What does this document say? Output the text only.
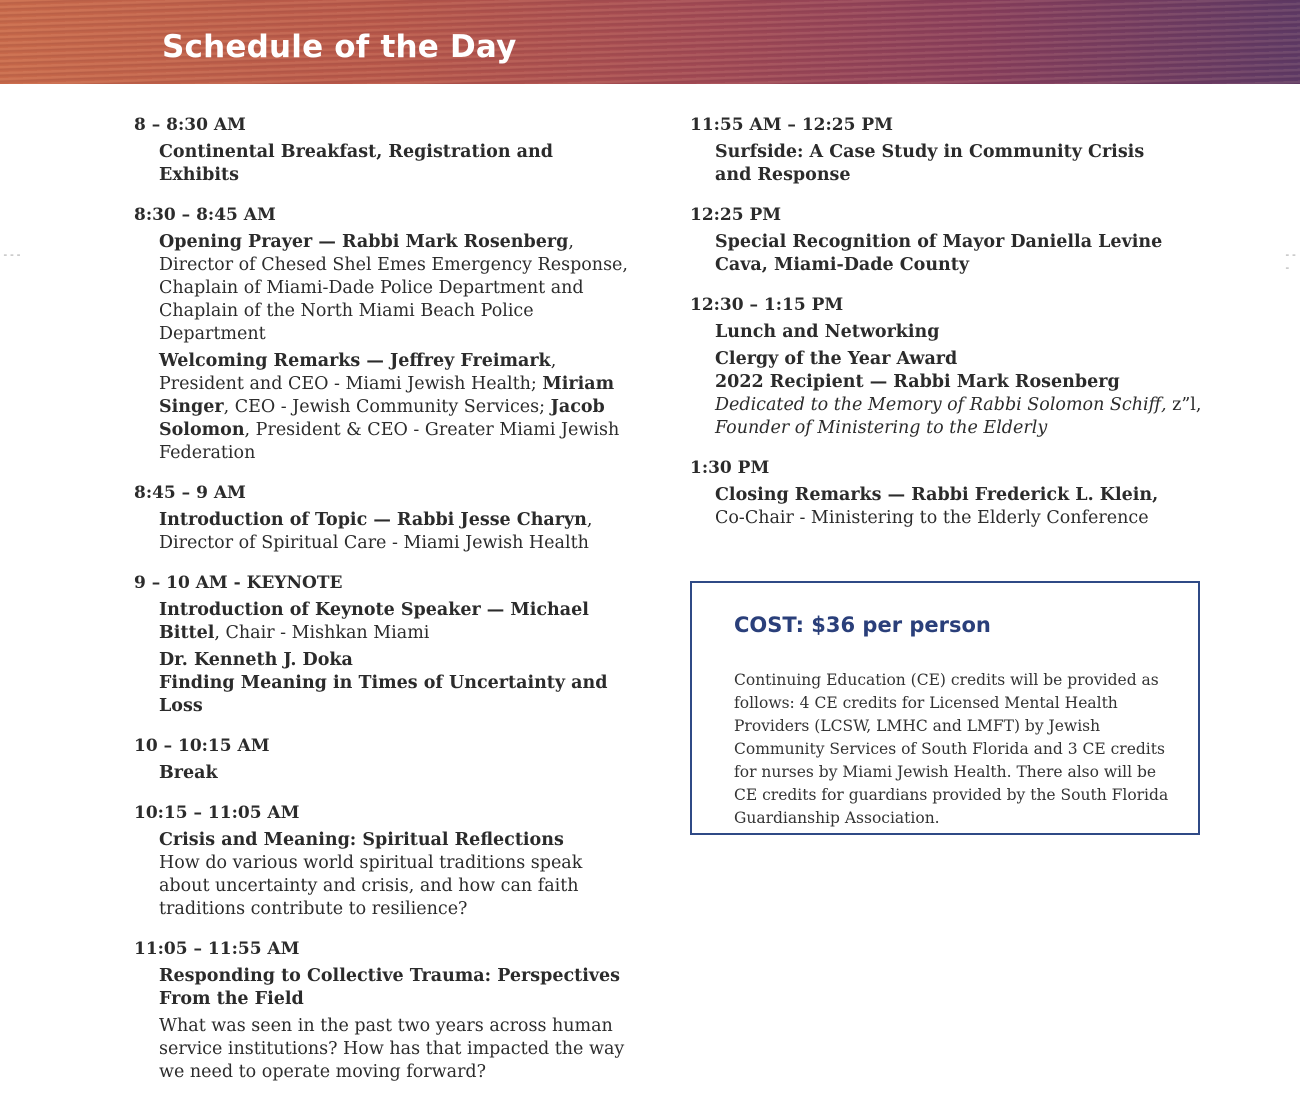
Schedule of the Day
---	---
8 – 8:30 AM
Continental Breakfast, Registration and Exhibits
8:30 – 8:45 AM
Opening Prayer — Rabbi Mark Rosenberg, Director of Chesed Shel Emes Emergency Response, Chaplain of Miami-Dade Police Department and Chaplain of the North Miami Beach Police Department
Welcoming Remarks — Jeffrey Freimark, President and CEO - Miami Jewish Health; Miriam Singer, CEO - Jewish Community Services; Jacob Solomon, President & CEO - Greater Miami Jewish Federation
8:45 – 9 AM
Introduction of Topic — Rabbi Jesse Charyn, Director of Spiritual Care - Miami Jewish Health
9 – 10 AM - KEYNOTE
Introduction of Keynote Speaker — Michael Bittel, Chair - Mishkan Miami
Dr. Kenneth J. Doka
Finding Meaning in Times of Uncertainty and Loss
10 – 10:15 AM
Break
10:15 – 11:05 AM
Crisis and Meaning: Spiritual Reflections
How do various world spiritual traditions speak about uncertainty and crisis, and how can faith traditions contribute to resilience?
11:05 – 11:55 AM
Responding to Collective Trauma: Perspectives From the Field
What was seen in the past two years across human service institutions? How has that impacted the way we need to operate moving forward?
11:55 AM – 12:25 PM
Surfside: A Case Study in Community Crisis and Response
12:25 PM
Special Recognition of Mayor Daniella Levine Cava, Miami-Dade County
12:30 – 1:15 PM
Lunch and Networking
Clergy of the Year Award
2022 Recipient — Rabbi Mark Rosenberg
Dedicated to the Memory of Rabbi Solomon Schiff, z”l,
Founder of Ministering to the Elderly
1:30 PM
Closing Remarks — Rabbi Frederick L. Klein,
Co-Chair - Ministering to the Elderly Conference
COST: $36 per person
Continuing Education (CE) credits will be provided as follows: 4 CE credits for Licensed Mental Health Providers (LCSW, LMHC and LMFT) by Jewish Community Services of South Florida and 3 CE credits for nurses by Miami Jewish Health. There also will be CE credits for guardians provided by the South Florida Guardianship Association.
